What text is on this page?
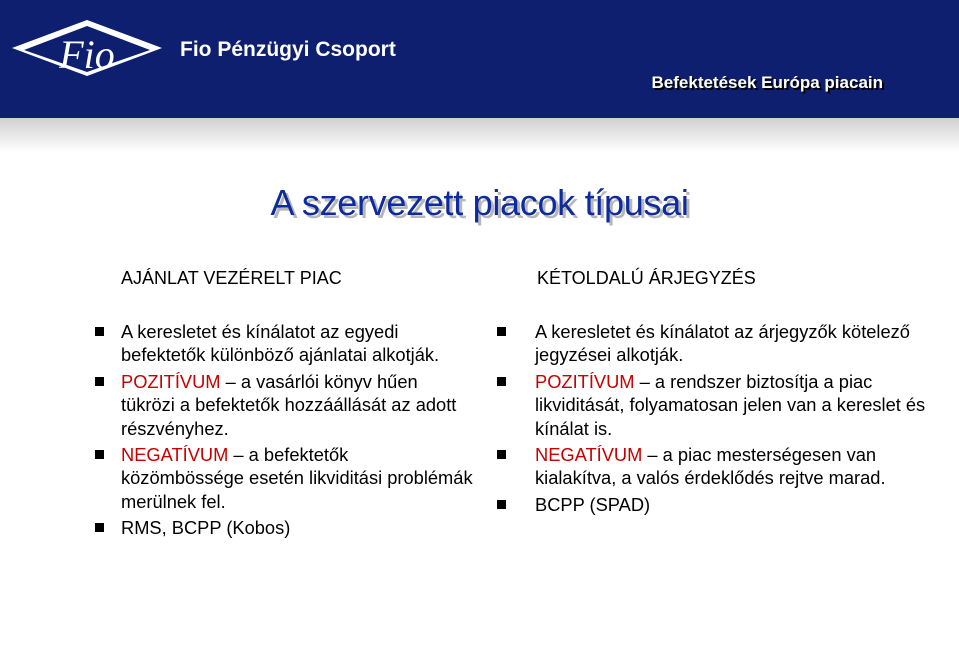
Fio	Fio Pénzügyi Csoport
Befektetések Európa piacain
A szervezett piacok típusai
AJÁNLAT VEZÉRELT PIAC
A keresletet és kínálatot az egyedi befektetők különböző ajánlatai alkotják.
POZITÍVUM – a vasárlói könyv hűen tükrözi a befektetők hozzáállását az adott részvényhez.
NEGATÍVUM – a befektetők közömbössége esetén likviditási problémák merülnek fel.
RMS, BCPP (Kobos)
KÉTOLDALÚ ÁRJEGYZÉS
A keresletet és kínálatot az árjegyzők kötelező jegyzései alkotják.
POZITÍVUM – a rendszer biztosítja a piac likviditását, folyamatosan jelen van a kereslet és kínálat is.
NEGATÍVUM – a piac mesterségesen van kialakítva, a valós érdeklődés rejtve marad.
BCPP (SPAD)
